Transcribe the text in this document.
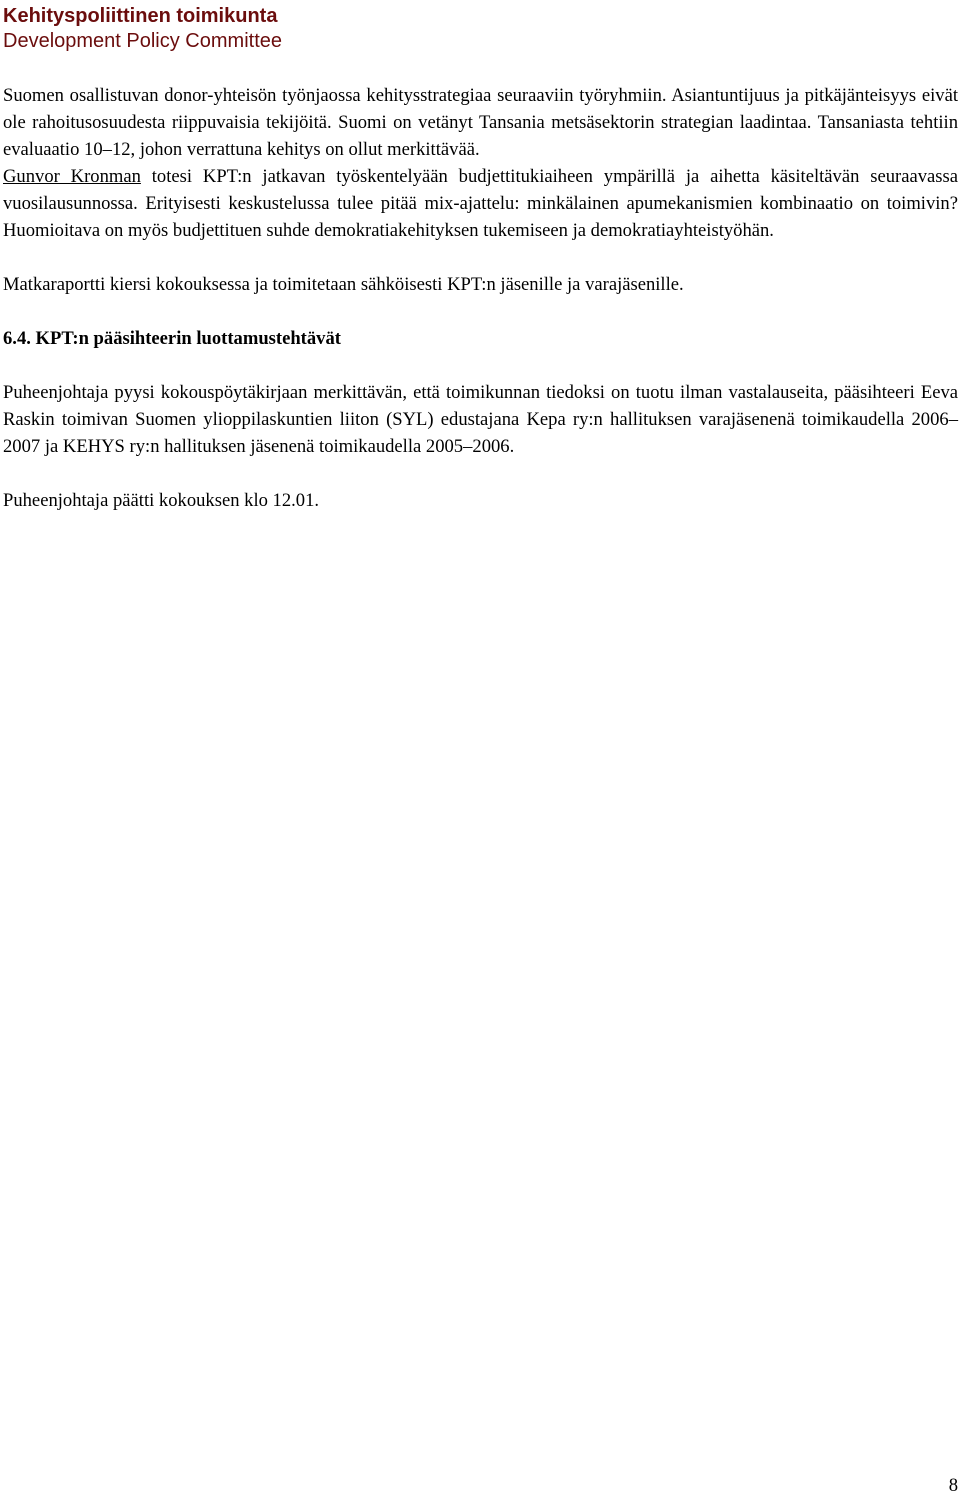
Kehityspoliittinen toimikunta
Development Policy Committee

Suomen osallistuvan donor-yhteisön työnjaossa kehitysstrategiaa seuraaviin työryhmiin. Asiantuntijuus ja pitkäjänteisyys eivät ole rahoitusosuudesta riippuvaisia tekijöitä. Suomi on vetänyt Tansania metsäsektorin strategian laadintaa. Tansaniasta tehtiin evaluaatio 10–12, johon verrattuna kehitys on ollut merkittävää.

Gunvor Kronman totesi KPT:n jatkavan työskentelyään budjettitukiaiheen ympärillä ja aihetta käsiteltävän seuraavassa vuosilausunnossa. Erityisesti keskustelussa tulee pitää mix-ajattelu: minkälainen apumekanismien kombinaatio on toimivin? Huomioitava on myös budjettituen suhde demokratiakehityksen tukemiseen ja demokratiayhteistyöhän.

Matkaraportti kiersi kokouksessa ja toimitetaan sähköisesti KPT:n jäsenille ja varajäsenille.

6.4. KPT:n pääsihteerin luottamustehtävät

Puheenjohtaja pyysi kokouspöytäkirjaan merkittävän, että toimikunnan tiedoksi on tuotu ilman vastalauseita, pääsihteeri Eeva Raskin toimivan Suomen ylioppilaskuntien liiton (SYL) edustajana Kepa ry:n hallituksen varajäsenenä toimikaudella 2006–2007 ja KEHYS ry:n hallituksen jäsenenä toimikaudella 2005–2006.

Puheenjohtaja päätti kokouksen klo 12.01.

8
